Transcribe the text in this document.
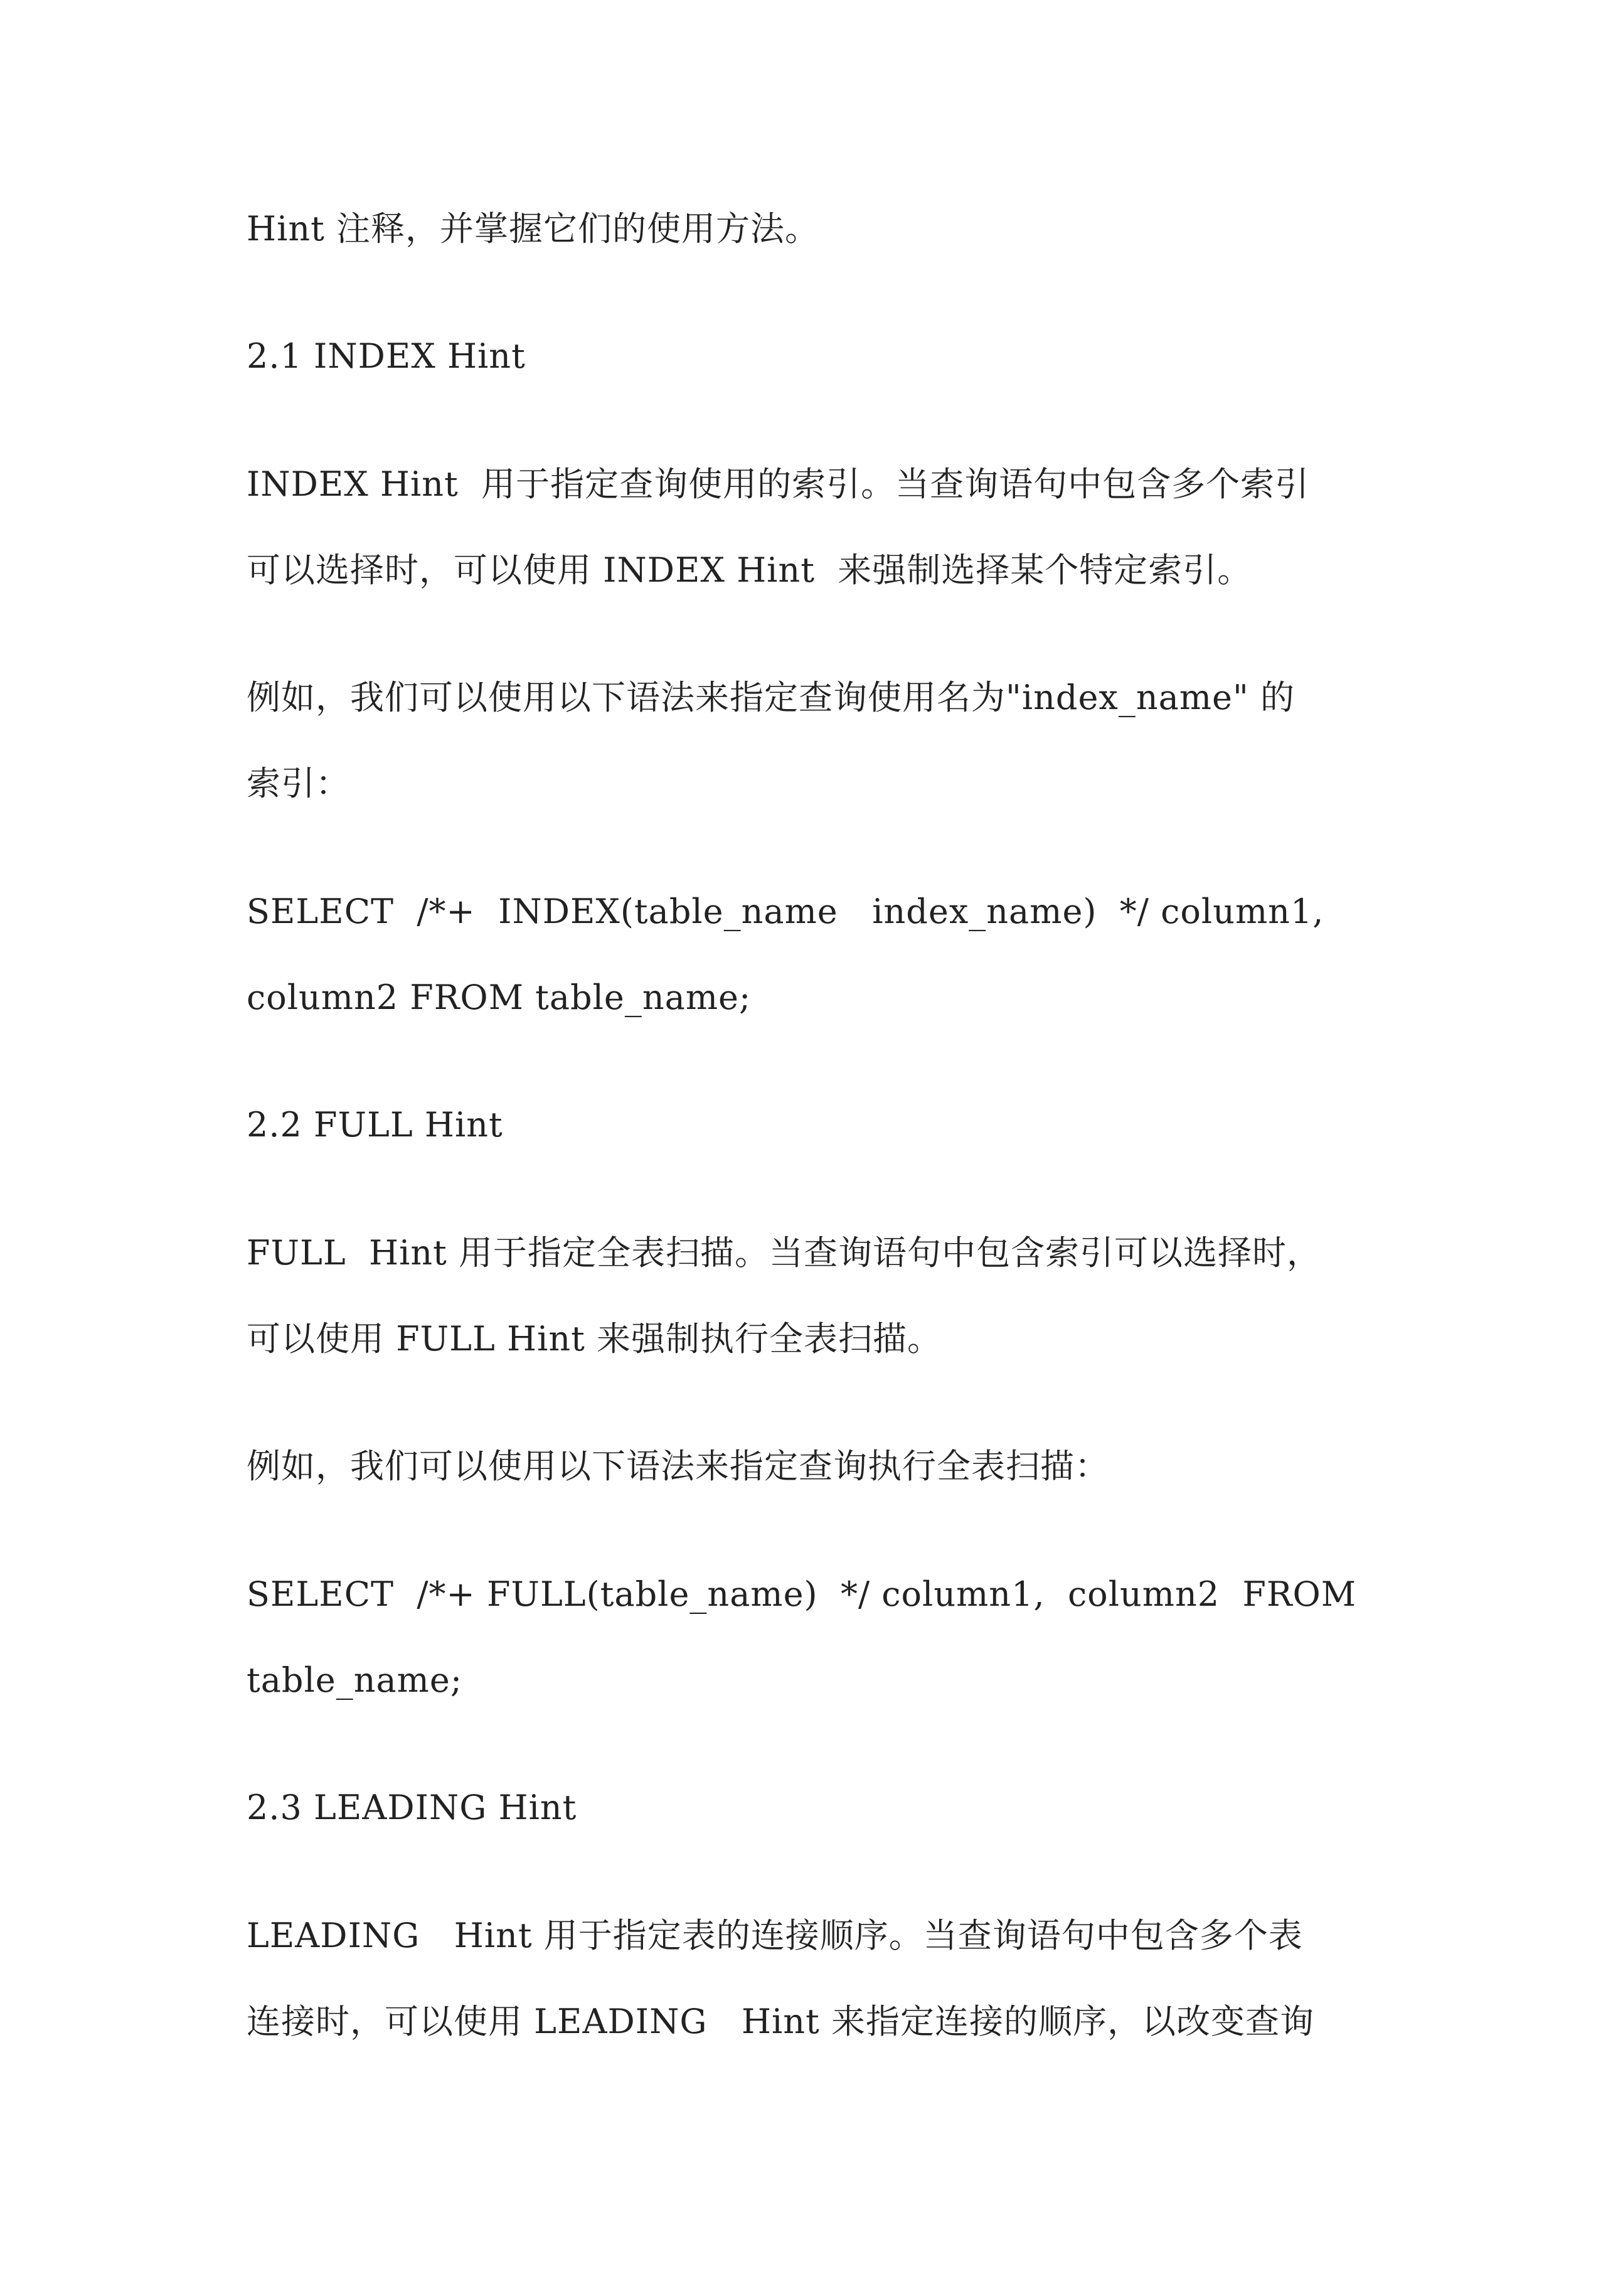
Hint 注释，并掌握它们的使用方法。
2.1 INDEX Hint
INDEX Hint  用于指定查询使用的索引。当查询语句中包含多个索引
可以选择时，可以使用 INDEX Hint  来强制选择某个特定索引。
例如，我们可以使用以下语法来指定查询使用名为"index_name" 的
索引：
SELECT  /*+  INDEX(table_name   index_name)  */ column1,
column2 FROM table_name;
2.2 FULL Hint
FULL  Hint 用于指定全表扫描。当查询语句中包含索引可以选择时，
可以使用 FULL Hint 来强制执行全表扫描。
例如，我们可以使用以下语法来指定查询执行全表扫描：
SELECT  /*+ FULL(table_name)  */ column1,  column2  FROM
table_name;
2.3 LEADING Hint
LEADING   Hint 用于指定表的连接顺序。当查询语句中包含多个表
连接时，可以使用 LEADING   Hint 来指定连接的顺序，以改变查询
